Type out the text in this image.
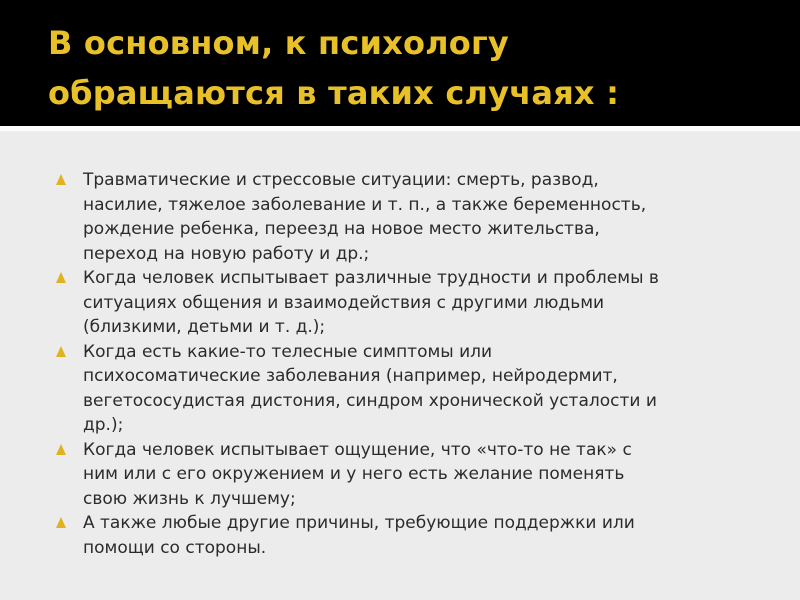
В основном, к психологу
обращаются в таких случаях :
Травматические и стрессовые ситуации: смерть, развод,
насилие, тяжелое заболевание и т. п., а также беременность,
рождение ребенка, переезд на новое место жительства,
переход на новую работу и др.;
Когда человек испытывает различные трудности и проблемы в
ситуациях общения и взаимодействия с другими людьми
(близкими, детьми и т. д.);
Когда есть какие-то телесные симптомы или
психосоматические заболевания (например, нейродермит,
вегетососудистая дистония, синдром хронической усталости и
др.);
Когда человек испытывает ощущение, что «что-то не так» с
ним или с его окружением и у него есть желание поменять
свою жизнь к лучшему;
А также любые другие причины, требующие поддержки или
помощи со стороны.
